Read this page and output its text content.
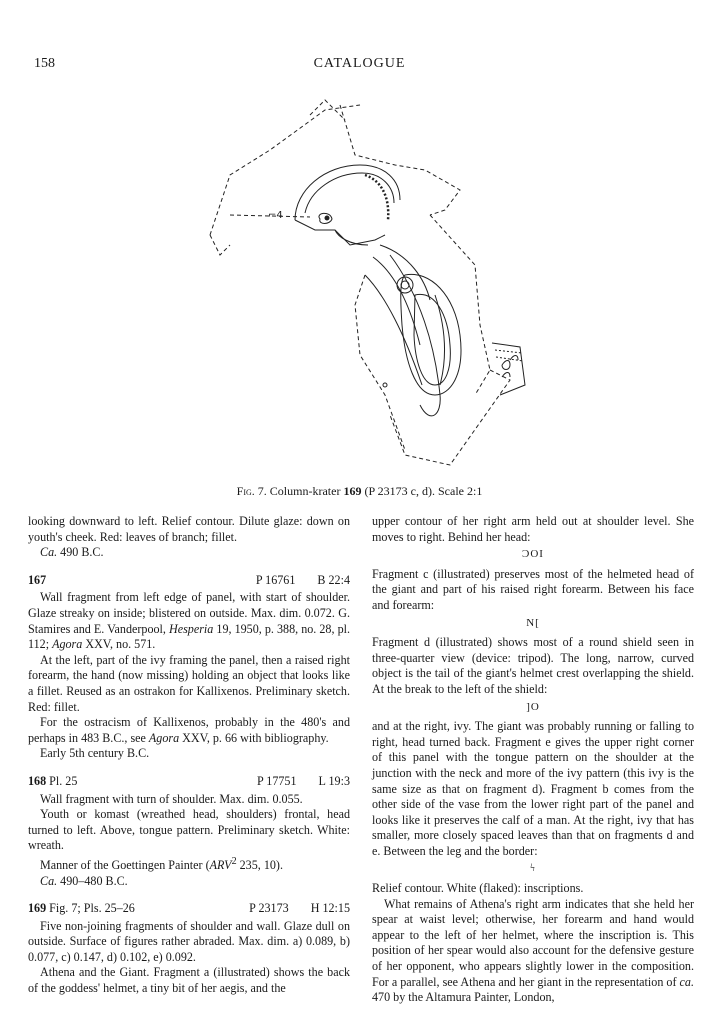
158	CATALOGUE
⌐4
Fig. 7. Column-krater 169 (P 23173 c, d). Scale 2:1

looking downward to left. Relief contour. Dilute glaze: down on youth's cheek. Red: leaves of branch; fillet.

Ca. 490 B.C.

167	P 16761 B 22:4

Wall fragment from left edge of panel, with start of shoulder. Glaze streaky on inside; blistered on outside. Max. dim. 0.072. G. Stamires and E. Vanderpool, Hesperia 19, 1950, p. 388, no. 28, pl. 112; Agora XXV, no. 571.

At the left, part of the ivy framing the panel, then a raised right forearm, the hand (now missing) holding an object that looks like a fillet. Reused as an ostrakon for Kallixenos. Preliminary sketch. Red: fillet.

For the ostracism of Kallixenos, probably in the 480's and perhaps in 483 B.C., see Agora XXV, p. 66 with bibliography.

Early 5th century B.C.

168 Pl. 25	P 17751 L 19:3

Wall fragment with turn of shoulder. Max. dim. 0.055.

Youth or komast (wreathed head, shoulders) frontal, head turned to left. Above, tongue pattern. Preliminary sketch. White: wreath.

Manner of the Goettingen Painter (ARV$^2$ 235, 10).

Ca. 490–480 B.C.

169 Fig. 7; Pls. 25–26	P 23173 H 12:15

Five non-joining fragments of shoulder and wall. Glaze dull on outside. Surface of figures rather abraded. Max. dim. a) 0.089, b) 0.077, c) 0.147, d) 0.102, e) 0.092.

Athena and the Giant. Fragment a (illustrated) shows the back of the goddess' helmet, a tiny bit of her aegis, and the

upper contour of her right arm held out at shoulder level. She moves to right. Behind her head:

ϽΟΙ

Fragment c (illustrated) preserves most of the helmeted head of the giant and part of his raised right forearm. Between his face and forearm:

Ν[

Fragment d (illustrated) shows most of a round shield seen in three-quarter view (device: tripod). The long, narrow, curved object is the tail of the giant's helmet crest overlapping the shield. At the break to the left of the shield:

]Ο

and at the right, ivy. The giant was probably running or falling to right, head turned back. Fragment e gives the upper right corner of this panel with the tongue pattern on the shoulder at the junction with the neck and more of the ivy pattern (this ivy is the same size as that on fragment d). Fragment b comes from the other side of the vase from the lower right part of the panel and looks like it preserves the calf of a man. At the right, ivy that has smaller, more closely spaced leaves than that on fragments d and e. Between the leg and the border:

ϟ

Relief contour. White (flaked): inscriptions.

What remains of Athena's right arm indicates that she held her spear at waist level; otherwise, her forearm and hand would appear to the left of her helmet, where the inscription is. This position of her spear would also account for the defensive gesture of her opponent, who appears slightly lower in the composition. For a parallel, see Athena and her giant in the representation of ca. 470 by the Altamura Painter, London,
